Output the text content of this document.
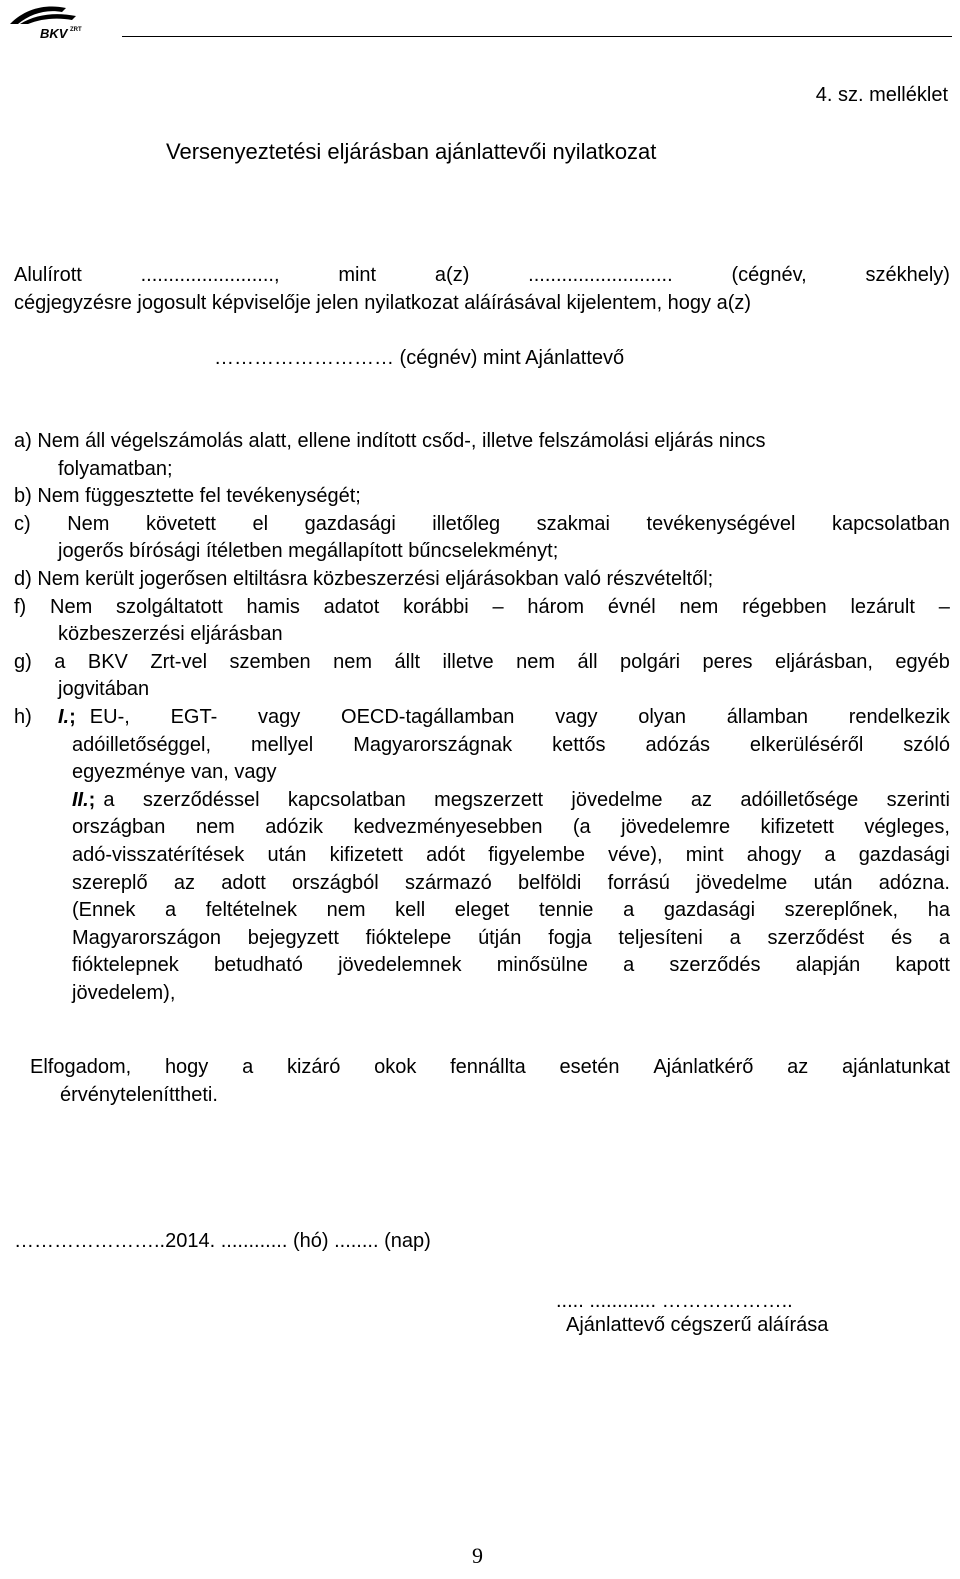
BKV ZRT
4. sz. melléklet
Versenyeztetési eljárásban ajánlattevői nyilatkozat
Alulírott	........................,	mint	a(z)	..........................	(cégnév,	székhely)
cégjegyzésre jogosult képviselője jelen nyilatkozat aláírásával kijelentem, hogy a(z)
……………………… (cégnév) mint Ajánlattevő
a) Nem áll végelszámolás alatt, ellene indított csőd-, illetve felszámolási eljárás nincs
folyamatban;
b) Nem függesztette fel tevékenységét;
c) Nem követett el gazdasági illetőleg szakmai tevékenységével kapcsolatban
jogerős bírósági ítéletben megállapított bűncselekményt;
d) Nem került jogerősen eltiltásra közbeszerzési eljárásokban való részvételtől;
f) Nem szolgáltatott hamis adatot korábbi – három évnél nem régebben lezárult –
közbeszerzési eljárásban
g) a BKV Zrt-vel szemben nem állt illetve nem áll polgári peres eljárásban, egyéb
jogvitában
h)	I. ; EU-, EGT- vagy OECD-tagállamban vagy olyan államban rendelkezik
adóilletőséggel, mellyel Magyarországnak kettős adózás elkerüléséről szóló
egyezménye van, vagy
II. ; a szerződéssel kapcsolatban megszerzett jövedelme az adóilletősége szerinti
országban nem adózik kedvezményesebben (a jövedelemre kifizetett végleges,
adó-visszatérítések után kifizetett adót figyelembe véve), mint ahogy a gazdasági
szereplő az adott országból származó belföldi forrású jövedelme után adózna.
(Ennek a feltételnek nem kell eleget tennie a gazdasági szereplőnek, ha
Magyarországon bejegyzett fióktelepe útján fogja teljesíteni a szerződést és a
fióktelepnek betudható jövedelemnek minősülne a szerződés alapján kapott
jövedelem),
Elfogadom, hogy a kizáró okok fennállta esetén Ajánlatkérő az ajánlatunkat
érvényteleníttheti.
…………………..2014. ............ (hó) ........ (nap)
..... ............ ………………..
Ajánlattevő cégszerű aláírása
9
